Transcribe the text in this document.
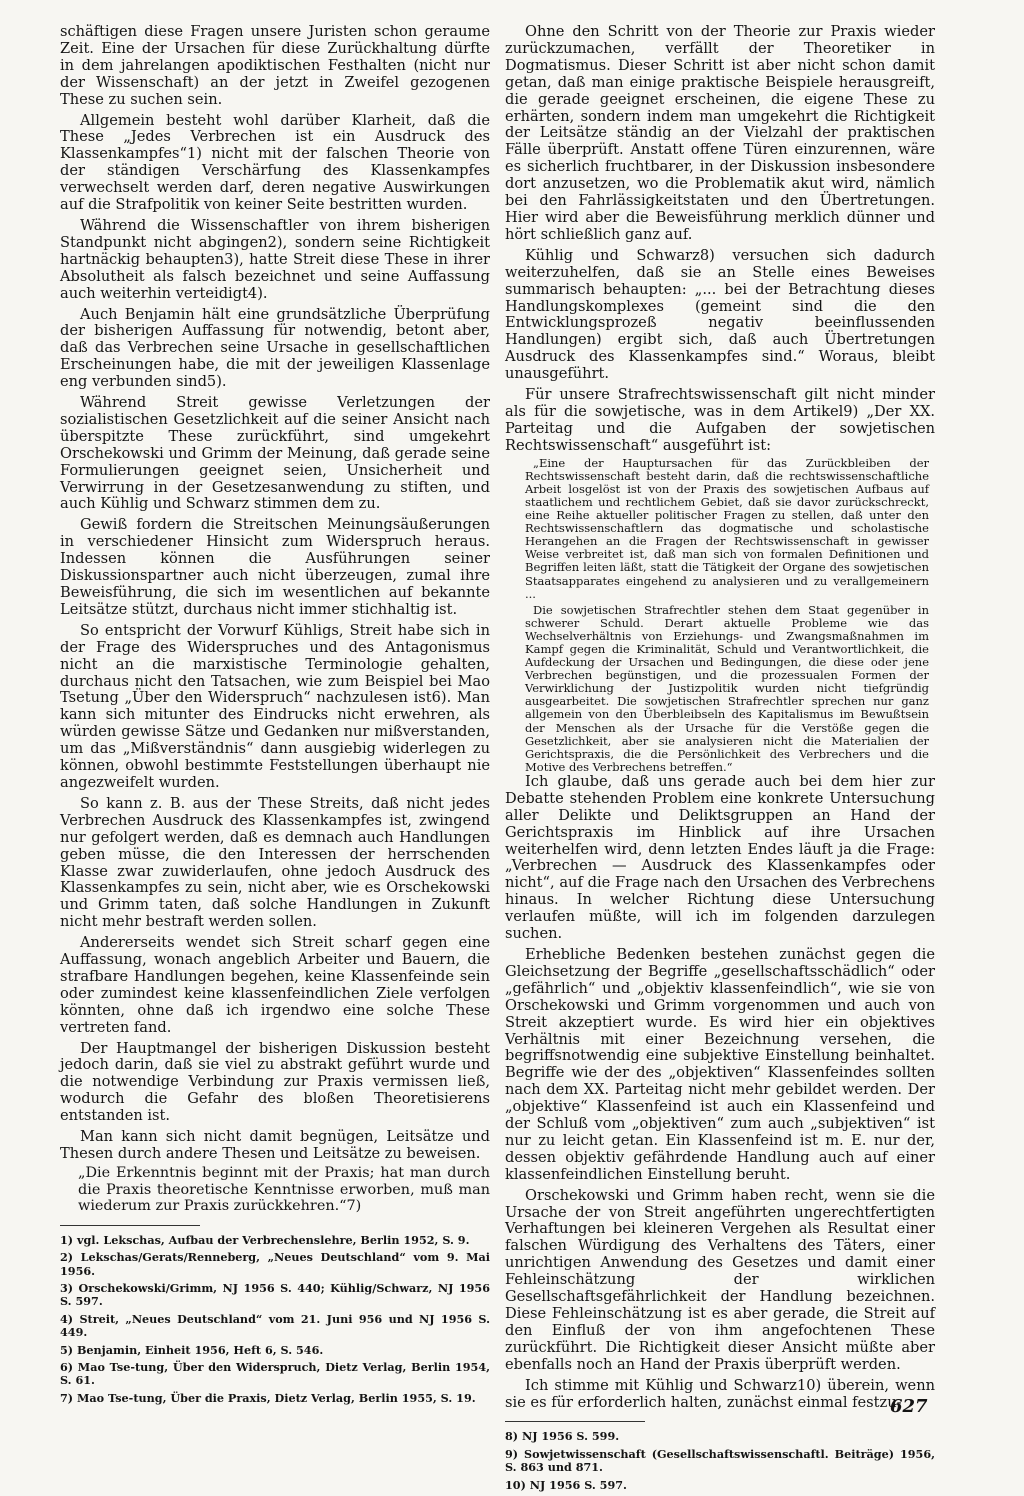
schäftigen diese Fragen unsere Juristen schon geraume Zeit. Eine der Ursachen für diese Zurückhaltung dürfte in dem jahrelangen apodiktischen Festhalten (nicht nur der Wissenschaft) an der jetzt in Zweifel gezogenen These zu suchen sein.

Allgemein besteht wohl darüber Klarheit, daß die These „Jedes Verbrechen ist ein Ausdruck des Klassenkampfes“1) nicht mit der falschen Theorie von der ständigen Verschärfung des Klassenkampfes verwechselt werden darf, deren negative Auswirkungen auf die Strafpolitik von keiner Seite bestritten wurden.

Während die Wissenschaftler von ihrem bisherigen Standpunkt nicht abgingen2), sondern seine Richtigkeit hartnäckig behaupten3), hatte Streit diese These in ihrer Absolutheit als falsch bezeichnet und seine Auffassung auch weiterhin verteidigt4).

Auch Benjamin hält eine grundsätzliche Überprüfung der bisherigen Auffassung für notwendig, betont aber, daß das Verbrechen seine Ursache in gesellschaftlichen Erscheinungen habe, die mit der jeweiligen Klassenlage eng verbunden sind5).

Während Streit gewisse Verletzungen der sozialistischen Gesetzlichkeit auf die seiner Ansicht nach überspitzte These zurückführt, sind umgekehrt Orschekowski und Grimm der Meinung, daß gerade seine Formulierungen geeignet seien, Unsicherheit und Verwirrung in der Gesetzesanwendung zu stiften, und auch Kühlig und Schwarz stimmen dem zu.

Gewiß fordern die Streitschen Meinungsäußerungen in verschiedener Hinsicht zum Widerspruch heraus. Indessen können die Ausführungen seiner Diskussionspartner auch nicht überzeugen, zumal ihre Beweisführung, die sich im wesentlichen auf bekannte Leitsätze stützt, durchaus nicht immer stichhaltig ist.

So entspricht der Vorwurf Kühligs, Streit habe sich in der Frage des Widerspruches und des Antagonismus nicht an die marxistische Terminologie gehalten, durchaus nicht den Tatsachen, wie zum Beispiel bei Mao Tsetung „Über den Widerspruch“ nachzulesen ist6). Man kann sich mitunter des Eindrucks nicht erwehren, als würden gewisse Sätze und Gedanken nur mißverstanden, um das „Mißverständnis“ dann ausgiebig widerlegen zu können, obwohl bestimmte Feststellungen überhaupt nie angezweifelt wurden.

So kann z. B. aus der These Streits, daß nicht jedes Verbrechen Ausdruck des Klassenkampfes ist, zwingend nur gefolgert werden, daß es demnach auch Handlungen geben müsse, die den Interessen der herrschenden Klasse zwar zuwiderlaufen, ohne jedoch Ausdruck des Klassenkampfes zu sein, nicht aber, wie es Orschekowski und Grimm taten, daß solche Handlungen in Zukunft nicht mehr bestraft werden sollen.

Andererseits wendet sich Streit scharf gegen eine Auffassung, wonach angeblich Arbeiter und Bauern, die strafbare Handlungen begehen, keine Klassenfeinde sein oder zumindest keine klassenfeindlichen Ziele verfolgen könnten, ohne daß ich irgendwo eine solche These vertreten fand.

Der Hauptmangel der bisherigen Diskussion besteht jedoch darin, daß sie viel zu abstrakt geführt wurde und die notwendige Verbindung zur Praxis vermissen ließ, wodurch die Gefahr des bloßen Theoretisierens entstanden ist.

Man kann sich nicht damit begnügen, Leitsätze und Thesen durch andere Thesen und Leitsätze zu beweisen.

„Die Erkenntnis beginnt mit der Praxis; hat man durch die Praxis theoretische Kenntnisse erworben, muß man wiederum zur Praxis zurückkehren.“7)

1) vgl. Lekschas, Aufbau der Verbrechenslehre, Berlin 1952, S. 9.

2) Lekschas/Gerats/Renneberg, „Neues Deutschland“ vom 9. Mai 1956.

3) Orschekowski/Grimm, NJ 1956 S. 440; Kühlig/Schwarz, NJ 1956 S. 597.

4) Streit, „Neues Deutschland“ vom 21. Juni 956 und NJ 1956 S. 449.

5) Benjamin, Einheit 1956, Heft 6, S. 546.

6) Mao Tse-tung, Über den Widerspruch, Dietz Verlag, Berlin 1954, S. 61.

7) Mao Tse-tung, Über die Praxis, Dietz Verlag, Berlin 1955, S. 19.

Ohne den Schritt von der Theorie zur Praxis wieder zurückzumachen, verfällt der Theoretiker in Dogmatismus. Dieser Schritt ist aber nicht schon damit getan, daß man einige praktische Beispiele herausgreift, die gerade geeignet erscheinen, die eigene These zu erhärten, sondern indem man umgekehrt die Richtigkeit der Leitsätze ständig an der Vielzahl der praktischen Fälle überprüft. Anstatt offene Türen einzurennen, wäre es sicherlich fruchtbarer, in der Diskussion insbesondere dort anzusetzen, wo die Problematik akut wird, nämlich bei den Fahrlässigkeitstaten und den Übertretungen. Hier wird aber die Beweisführung merklich dünner und hört schließlich ganz auf.

Kühlig und Schwarz8) versuchen sich dadurch weiterzuhelfen, daß sie an Stelle eines Beweises summarisch behaupten: „... bei der Betrachtung dieses Handlungskomplexes (gemeint sind die den Entwicklungsprozeß negativ beeinflussenden Handlungen) ergibt sich, daß auch Übertretungen Ausdruck des Klassenkampfes sind.“ Woraus, bleibt unausgeführt.

Für unsere Strafrechtswissenschaft gilt nicht minder als für die sowjetische, was in dem Artikel9) „Der XX. Parteitag und die Aufgaben der sowjetischen Rechtswissenschaft“ ausgeführt ist:

„Eine der Hauptursachen für das Zurückbleiben der Rechtswissenschaft besteht darin, daß die rechtswissenschaftliche Arbeit losgelöst ist von der Praxis des sowjetischen Aufbaus auf staatlichem und rechtlichem Gebiet, daß sie davor zurückschreckt, eine Reihe aktueller politischer Fragen zu stellen, daß unter den Rechtswissenschaftlern das dogmatische und scholastische Herangehen an die Fragen der Rechtswissenschaft in gewisser Weise verbreitet ist, daß man sich von formalen Definitionen und Begriffen leiten läßt, statt die Tätigkeit der Organe des sowjetischen Staatsapparates eingehend zu analysieren und zu verallgemeinern ...
Die sowjetischen Strafrechtler stehen dem Staat gegenüber in schwerer Schuld. Derart aktuelle Probleme wie das Wechselverhältnis von Erziehungs- und Zwangsmaßnahmen im Kampf gegen die Kriminalität, Schuld und Verantwortlichkeit, die Aufdeckung der Ursachen und Bedingungen, die diese oder jene Verbrechen begünstigen, und die prozessualen Formen der Verwirklichung der Justizpolitik wurden nicht tiefgründig ausgearbeitet. Die sowjetischen Strafrechtler sprechen nur ganz allgemein von den Überbleibseln des Kapitalismus im Bewußtsein der Menschen als der Ursache für die Verstöße gegen die Gesetzlichkeit, aber sie analysieren nicht die Materialien der Gerichtspraxis, die die Persönlichkeit des Verbrechers und die Motive des Verbrechens betreffen.“

Ich glaube, daß uns gerade auch bei dem hier zur Debatte stehenden Problem eine konkrete Untersuchung aller Delikte und Deliktsgruppen an Hand der Gerichtspraxis im Hinblick auf ihre Ursachen weiterhelfen wird, denn letzten Endes läuft ja die Frage: „Verbrechen — Ausdruck des Klassenkampfes oder nicht“, auf die Frage nach den Ursachen des Verbrechens hinaus. In welcher Richtung diese Untersuchung verlaufen müßte, will ich im folgenden darzulegen suchen.

Erhebliche Bedenken bestehen zunächst gegen die Gleichsetzung der Begriffe „gesellschaftsschädlich“ oder „gefährlich“ und „objektiv klassenfeindlich“, wie sie von Orschekowski und Grimm vorgenommen und auch von Streit akzeptiert wurde. Es wird hier ein objektives Verhältnis mit einer Bezeichnung versehen, die begriffsnotwendig eine subjektive Einstellung beinhaltet. Begriffe wie der des „objektiven“ Klassenfeindes sollten nach dem XX. Parteitag nicht mehr gebildet werden. Der „objektive“ Klassenfeind ist auch ein Klassenfeind und der Schluß vom „objektiven“ zum auch „subjektiven“ ist nur zu leicht getan. Ein Klassenfeind ist m. E. nur der, dessen objektiv gefährdende Handlung auch auf einer klassenfeindlichen Einstellung beruht.

Orschekowski und Grimm haben recht, wenn sie die Ursache der von Streit angeführten ungerechtfertigten Verhaftungen bei kleineren Vergehen als Resultat einer falschen Würdigung des Verhaltens des Täters, einer unrichtigen Anwendung des Gesetzes und damit einer Fehleinschätzung der wirklichen Gesellschaftsgefährlichkeit der Handlung bezeichnen. Diese Fehleinschätzung ist es aber gerade, die Streit auf den Einfluß der von ihm angefochtenen These zurückführt. Die Richtigkeit dieser Ansicht müßte aber ebenfalls noch an Hand der Praxis überprüft werden.

Ich stimme mit Kühlig und Schwarz10) überein, wenn sie es für erforderlich halten, zunächst einmal festzu-

8) NJ 1956 S. 599.

9) Sowjetwissenschaft (Gesellschaftswissenschaftl. Beiträge) 1956, S. 863 und 871.

10) NJ 1956 S. 597.

627
